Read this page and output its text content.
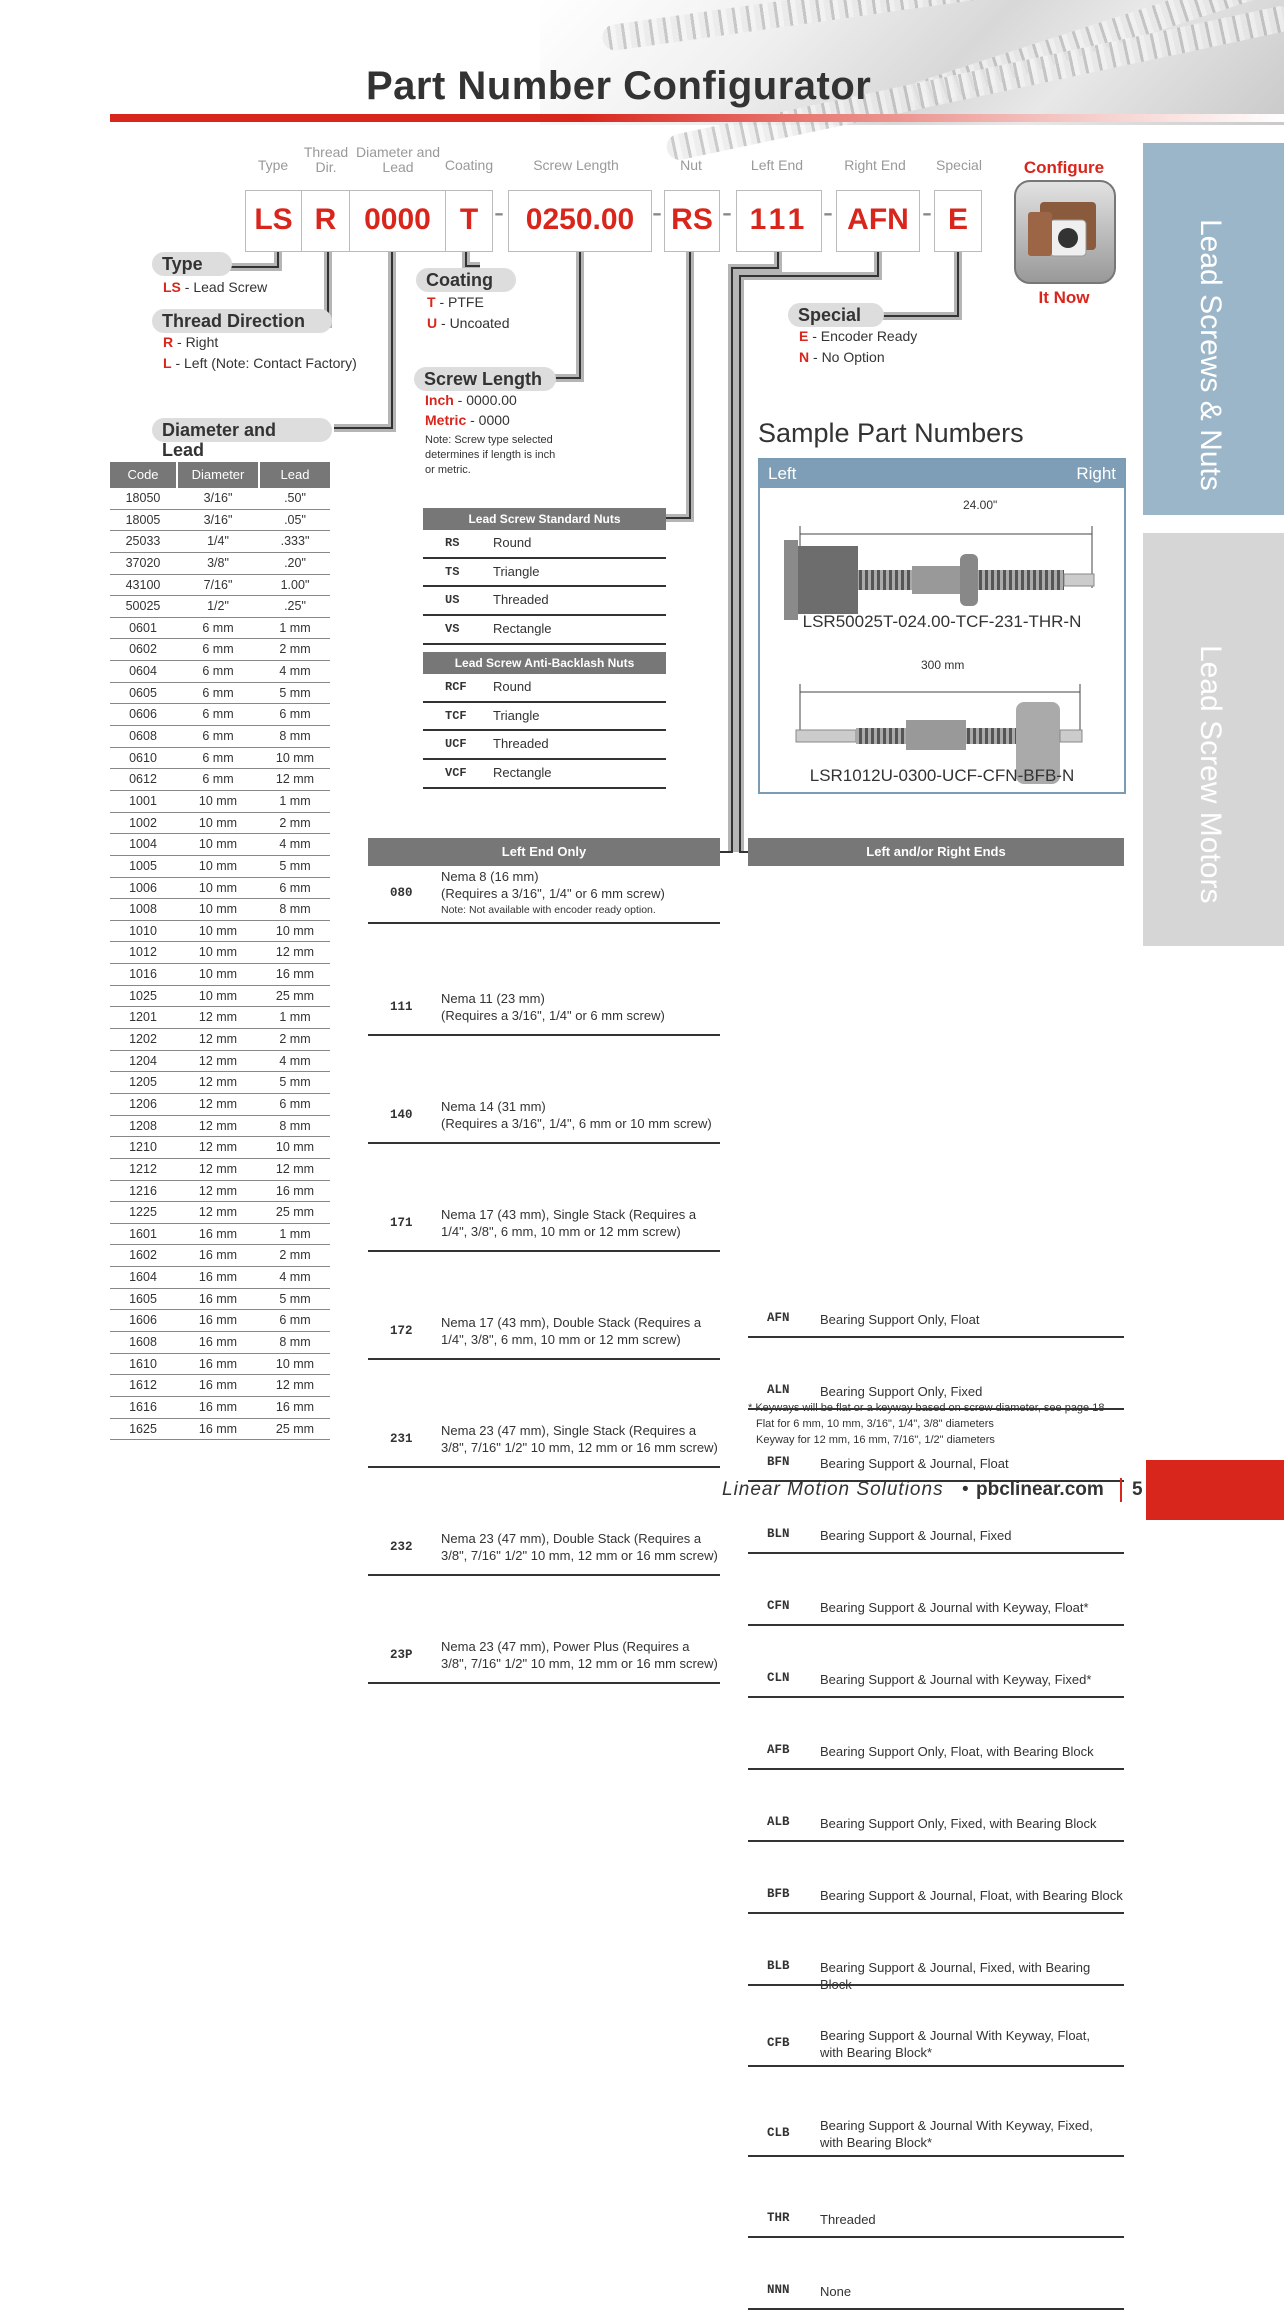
Part Number Configurator
Lead Screws & Nuts
Lead Screw Motors
Type
Thread Dir.
Diameter and Lead	Coating	Screw Length	Nut	Left End	Right End	Special
LS R 0000 T - 0250.00 - RS - 111 - AFN - E
Configure
It Now
Type
LS - Lead Screw
Thread Direction
R - Right
L - Left (Note: Contact Factory)
Coating
T - PTFE
U - Uncoated
Screw Length
Inch - 0000.00
Metric - 0000
Note: Screw type selected determines if length is inch or metric.
Special
E - Encoder Ready
N - No Option
Diameter and Lead
Code	Diameter	Lead
18050	3/16"	.50"
18005	3/16"	.05"
25033	1/4"	.333"
37020	3/8"	.20"
43100	7/16"	1.00"
50025	1/2"	.25"
0601	6 mm	1 mm
0602	6 mm	2 mm
0604	6 mm	4 mm
0605	6 mm	5 mm
0606	6 mm	6 mm
0608	6 mm	8 mm
0610	6 mm	10 mm
0612	6 mm	12 mm
1001	10 mm	1 mm
1002	10 mm	2 mm
1004	10 mm	4 mm
1005	10 mm	5 mm
1006	10 mm	6 mm
1008	10 mm	8 mm
1010	10 mm	10 mm
1012	10 mm	12 mm
1016	10 mm	16 mm
1025	10 mm	25 mm
1201	12 mm	1 mm
1202	12 mm	2 mm
1204	12 mm	4 mm
1205	12 mm	5 mm
1206	12 mm	6 mm
1208	12 mm	8 mm
1210	12 mm	10 mm
1212	12 mm	12 mm
1216	12 mm	16 mm
1225	12 mm	25 mm
1601	16 mm	1 mm
1602	16 mm	2 mm
1604	16 mm	4 mm
1605	16 mm	5 mm
1606	16 mm	6 mm
1608	16 mm	8 mm
1610	16 mm	10 mm
1612	16 mm	12 mm
1616	16 mm	16 mm
1625	16 mm	25 mm
Lead Screw Standard Nuts
RS	Round
TS	Triangle
US	Threaded
VS	Rectangle
Lead Screw Anti-Backlash Nuts
RCF Round
TCF Triangle
UCF Threaded
VCF Rectangle
Sample Part Numbers
Left	Right
24.00"
LSR50025T-024.00-TCF-231-THR-N
300 mm
LSR1012U-0300-UCF-CFN-BFB-N
Left End Only
080
Nema 8 (16 mm)
(Requires a 3/16", 1/4" or 6 mm screw)
Note: Not available with encoder ready option.
111
Nema 11 (23 mm)
(Requires a 3/16", 1/4" or 6 mm screw)
140
Nema 14 (31 mm)
(Requires a 3/16", 1/4", 6 mm or 10 mm screw)
171
Nema 17 (43 mm), Single Stack (Requires a
1/4", 3/8", 6 mm, 10 mm or 12 mm screw)
172
Nema 17 (43 mm), Double Stack (Requires a
1/4", 3/8", 6 mm, 10 mm or 12 mm screw)
231
Nema 23 (47 mm), Single Stack (Requires a
3/8", 7/16" 1/2" 10 mm, 12 mm or 16 mm screw)
232
Nema 23 (47 mm), Double Stack (Requires a
3/8", 7/16" 1/2" 10 mm, 12 mm or 16 mm screw)
23P
Nema 23 (47 mm), Power Plus (Requires a
3/8", 7/16" 1/2" 10 mm, 12 mm or 16 mm screw)
Left and/or Right Ends
AFN Bearing Support Only, Float
ALN Bearing Support Only, Fixed
BFN Bearing Support & Journal, Float
BLN Bearing Support & Journal, Fixed
CFN Bearing Support & Journal with Keyway, Float*
CLN Bearing Support & Journal with Keyway, Fixed*
AFB Bearing Support Only, Float, with Bearing Block
ALB Bearing Support Only, Fixed, with Bearing Block
BFB Bearing Support & Journal, Float, with Bearing Block
BLB Bearing Support & Journal, Fixed, with Bearing Block
CFB Bearing Support & Journal With Keyway, Float,
with Bearing Block*
CLB Bearing Support & Journal With Keyway, Fixed,
with Bearing Block*
THR Threaded
NNN None
* Keyways will be flat or a keyway based on screw diameter, see page 18
Flat for 6 mm, 10 mm, 3/16", 1/4", 3/8" diameters
Keyway for 12 mm, 16 mm, 7/16", 1/2" diameters
Linear Motion Solutions • pbclinear.com 5
